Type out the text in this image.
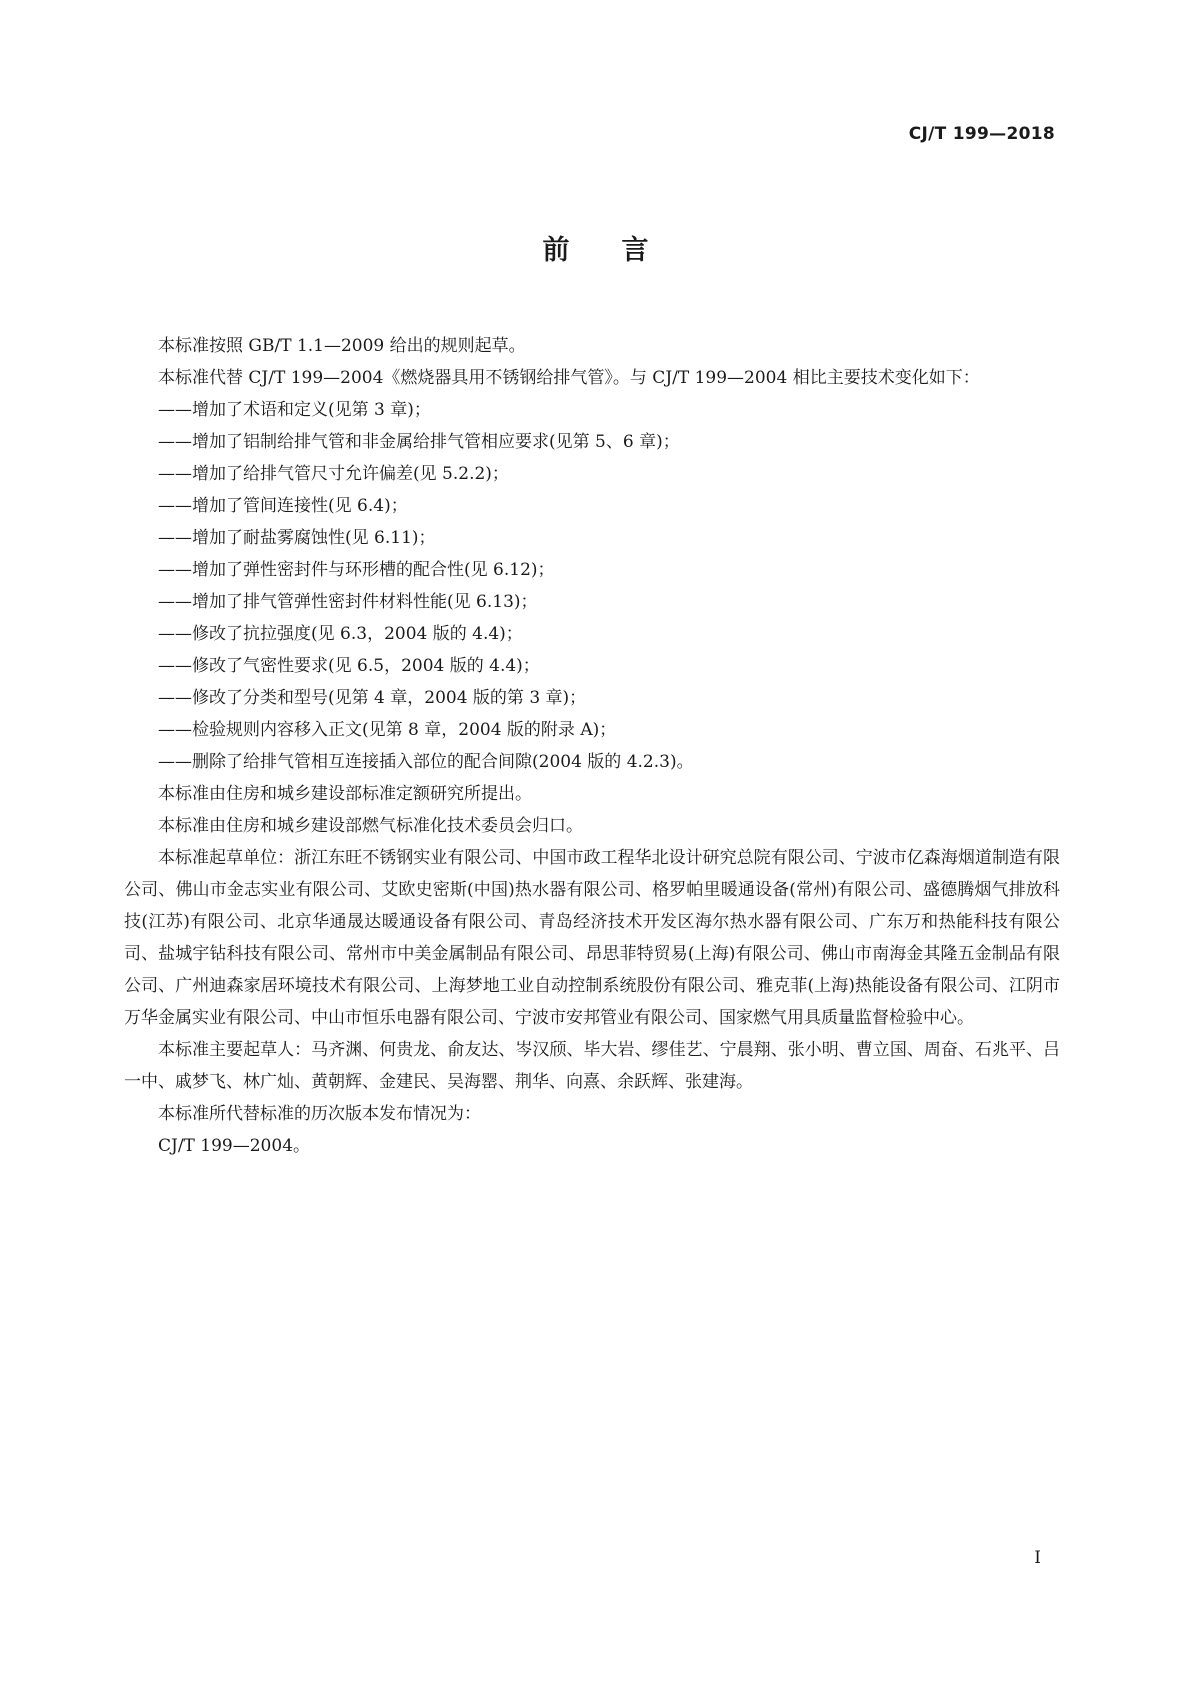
CJ/T 199—2018
前言

本标准按照 GB/T 1.1—2009 给出的规则起草。

本标准代替 CJ/T 199—2004《燃烧器具用不锈钢给排气管》。与 CJ/T 199—2004 相比主要技术变化如下：

——增加了术语和定义(见第 3 章)；

——增加了铝制给排气管和非金属给排气管相应要求(见第 5、6 章)；

——增加了给排气管尺寸允许偏差(见 5.2.2)；

——增加了管间连接性(见 6.4)；

——增加了耐盐雾腐蚀性(见 6.11)；

——增加了弹性密封件与环形槽的配合性(见 6.12)；

——增加了排气管弹性密封件材料性能(见 6.13)；

——修改了抗拉强度(见 6.3，2004 版的 4.4)；

——修改了气密性要求(见 6.5，2004 版的 4.4)；

——修改了分类和型号(见第 4 章，2004 版的第 3 章)；

——检验规则内容移入正文(见第 8 章，2004 版的附录 A)；

——删除了给排气管相互连接插入部位的配合间隙(2004 版的 4.2.3)。

本标准由住房和城乡建设部标准定额研究所提出。

本标准由住房和城乡建设部燃气标准化技术委员会归口。

本标准起草单位：浙江东旺不锈钢实业有限公司、中国市政工程华北设计研究总院有限公司、宁波市亿森海烟道制造有限公司、佛山市金志实业有限公司、艾欧史密斯(中国)热水器有限公司、格罗帕里暖通设备(常州)有限公司、盛德腾烟气排放科技(江苏)有限公司、北京华通晟达暖通设备有限公司、青岛经济技术开发区海尔热水器有限公司、广东万和热能科技有限公司、盐城宇钻科技有限公司、常州市中美金属制品有限公司、昂思菲特贸易(上海)有限公司、佛山市南海金其隆五金制品有限公司、广州迪森家居环境技术有限公司、上海梦地工业自动控制系统股份有限公司、雅克菲(上海)热能设备有限公司、江阴市万华金属实业有限公司、中山市恒乐电器有限公司、宁波市安邦管业有限公司、国家燃气用具质量监督检验中心。

本标准主要起草人：马齐渊、何贵龙、俞友达、岑汉颀、毕大岩、缪佳艺、宁晨翔、张小明、曹立国、周奋、石兆平、吕一中、戚梦飞、林广灿、黄朝辉、金建民、吴海罂、荆华、向熹、余跃辉、张建海。

本标准所代替标准的历次版本发布情况为：

CJ/T 199—2004。

I
